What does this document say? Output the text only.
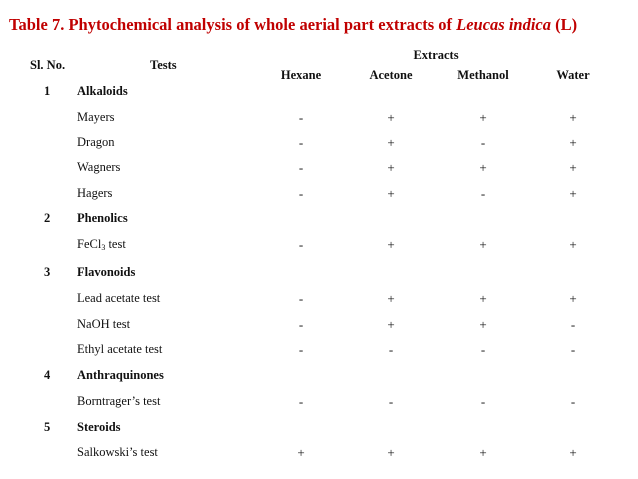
Table 7. Phytochemical analysis of whole aerial part extracts of Leucas indica (L)
Sl. No.	Tests
Extracts
Hexane	Acetone	Methanol	Water
1 Alkaloids
Mayers	-	+	+	+
Dragon	-	+	-	+
Wagners	-	+	+	+
Hagers	-	+	-	+
2 Phenolics
FeCl$_3$ test	-	+	+	+
3 Flavonoids
Lead acetate test	-	+	+	+
NaOH test	-	+	+	-
Ethyl acetate test	-	-	-	-
4 Anthraquinones
Borntrager’s test	-	-	-	-
5 Steroids
Salkowski’s test	+	+	+	+
